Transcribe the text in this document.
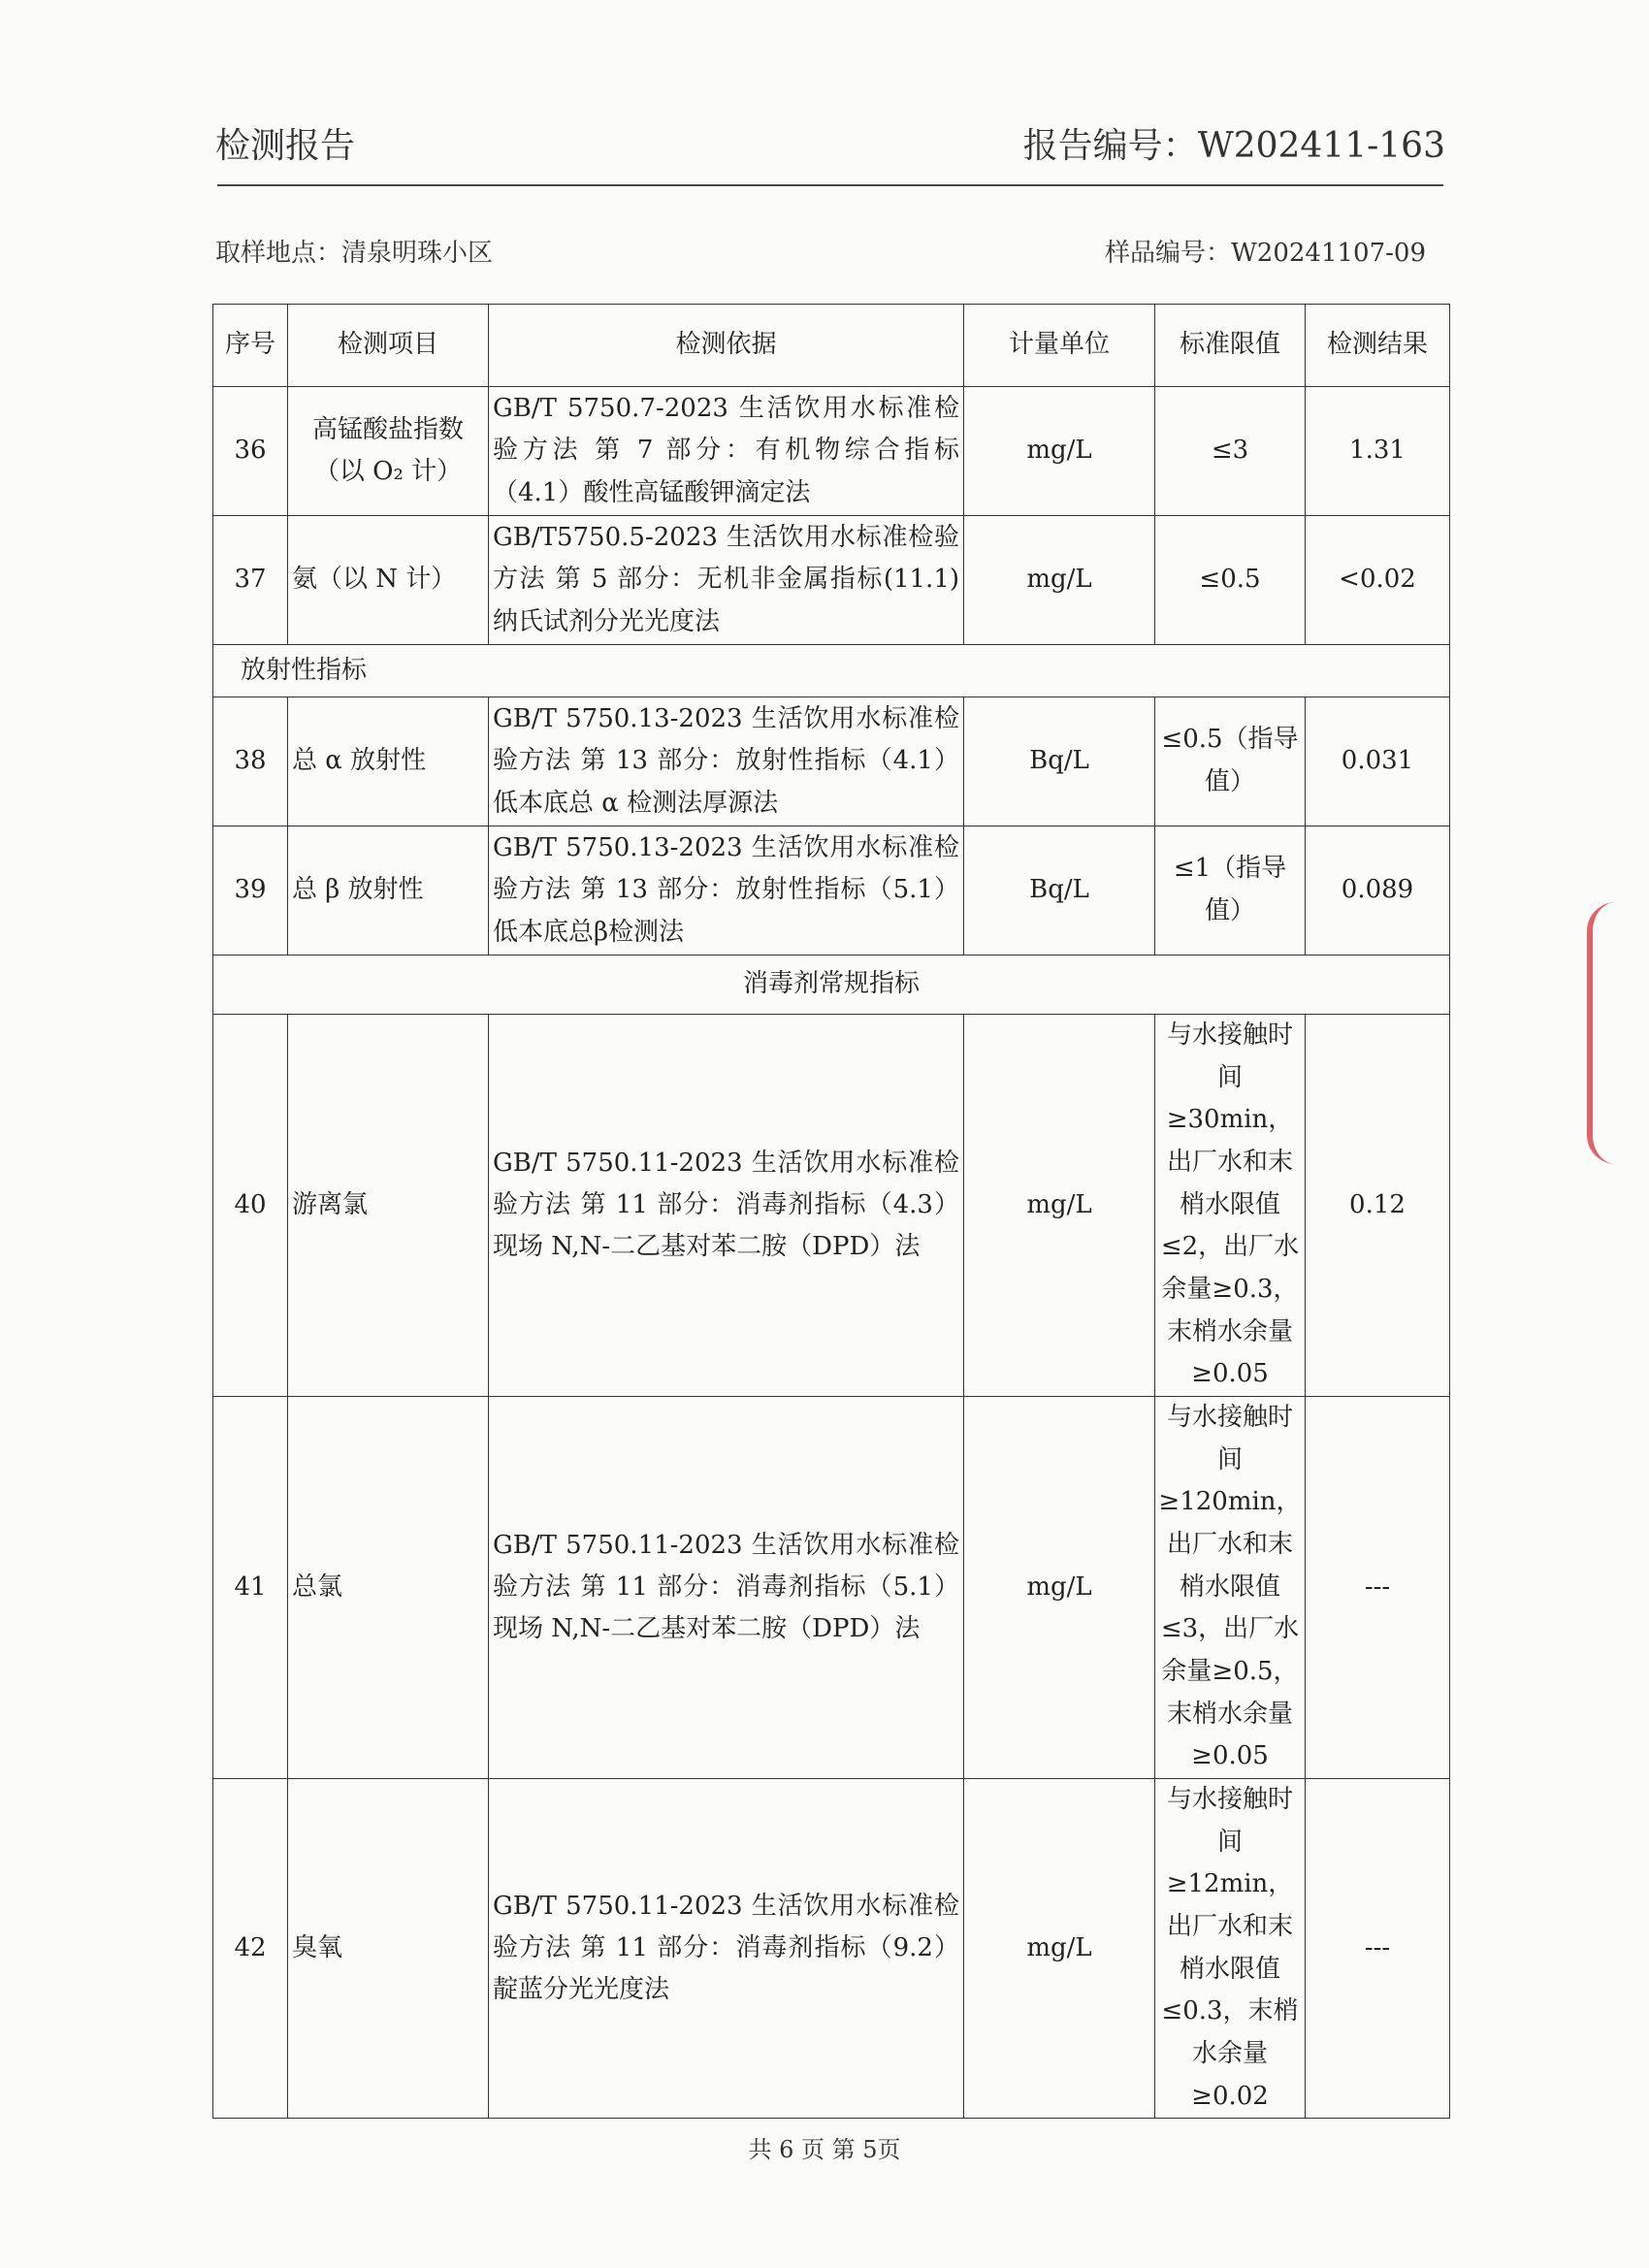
检测报告	报告编号：W202411-163
取样地点：清泉明珠小区	样品编号：W20241107-09
序号	检测项目	检测依据	计量单位	标准限值	检测结果
36	高锰酸盐指数（以 O₂ 计）	GB/T 5750.7-2023 生活饮用水标准检验方法 第 7 部分：有机物综合指标（4.1）酸性高锰酸钾滴定法	mg/L	≤3	1.31
37	氨（以 N 计）	GB/T5750.5-2023 生活饮用水标准检验方法 第 5 部分：无机非金属指标(11.1)纳氏试剂分光光度法	mg/L	≤0.5	<0.02
放射性指标					
38	总 α 放射性	GB/T 5750.13-2023 生活饮用水标准检验方法 第 13 部分：放射性指标（4.1）低本底总 α 检测法厚源法	Bq/L	≤0.5（指导值）	0.031
39	总 β 放射性	GB/T 5750.13-2023 生活饮用水标准检验方法 第 13 部分：放射性指标（5.1）低本底总β检测法	Bq/L	≤1（指导值）	0.089
消毒剂常规指标					
40	游离氯	GB/T 5750.11-2023 生活饮用水标准检验方法 第 11 部分：消毒剂指标（4.3）现场 N,N-二乙基对苯二胺（DPD）法	mg/L	与水接触时间≥30min，出厂水和末梢水限值≤2，出厂水余量≥0.3，末梢水余量≥0.05	0.12
41	总氯	GB/T 5750.11-2023 生活饮用水标准检验方法 第 11 部分：消毒剂指标（5.1）现场 N,N-二乙基对苯二胺（DPD）法	mg/L	与水接触时间≥120min，出厂水和末梢水限值≤3，出厂水余量≥0.5，末梢水余量≥0.05	---
42	臭氧	GB/T 5750.11-2023 生活饮用水标准检验方法 第 11 部分：消毒剂指标（9.2）靛蓝分光光度法	mg/L	与水接触时间≥12min，出厂水和末梢水限值≤0.3，末梢水余量≥0.02	---
共 6 页 第 5页
